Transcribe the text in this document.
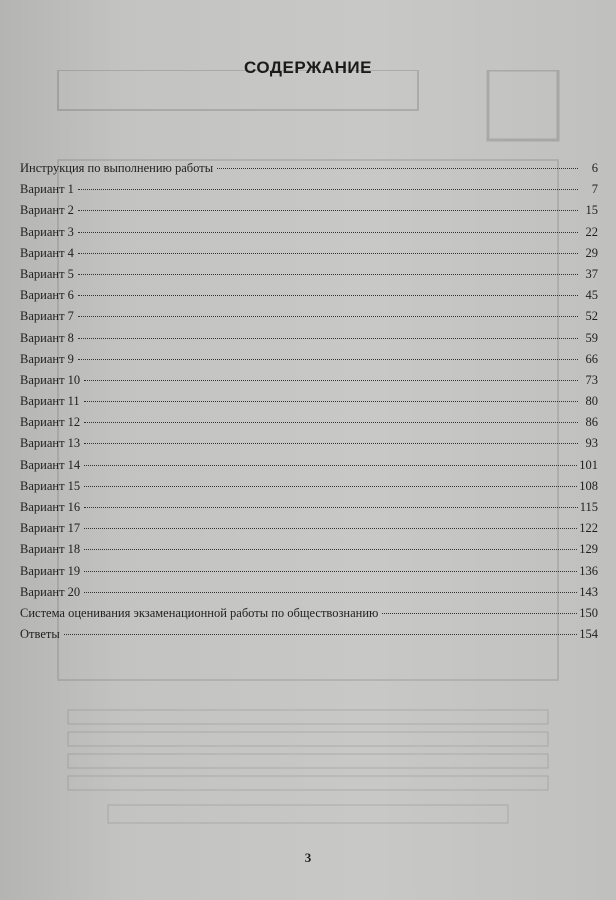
СОДЕРЖАНИЕ
Инструкция по выполнению работы	6
Вариант 1	7
Вариант 2	15
Вариант 3	22
Вариант 4	29
Вариант 5	37
Вариант 6	45
Вариант 7	52
Вариант 8	59
Вариант 9	66
Вариант 10	73
Вариант 11	80
Вариант 12	86
Вариант 13	93
Вариант 14	101
Вариант 15	108
Вариант 16	115
Вариант 17	122
Вариант 18	129
Вариант 19	136
Вариант 20	143
Система оценивания экзаменационной работы по обществознанию	150
Ответы	154
3
